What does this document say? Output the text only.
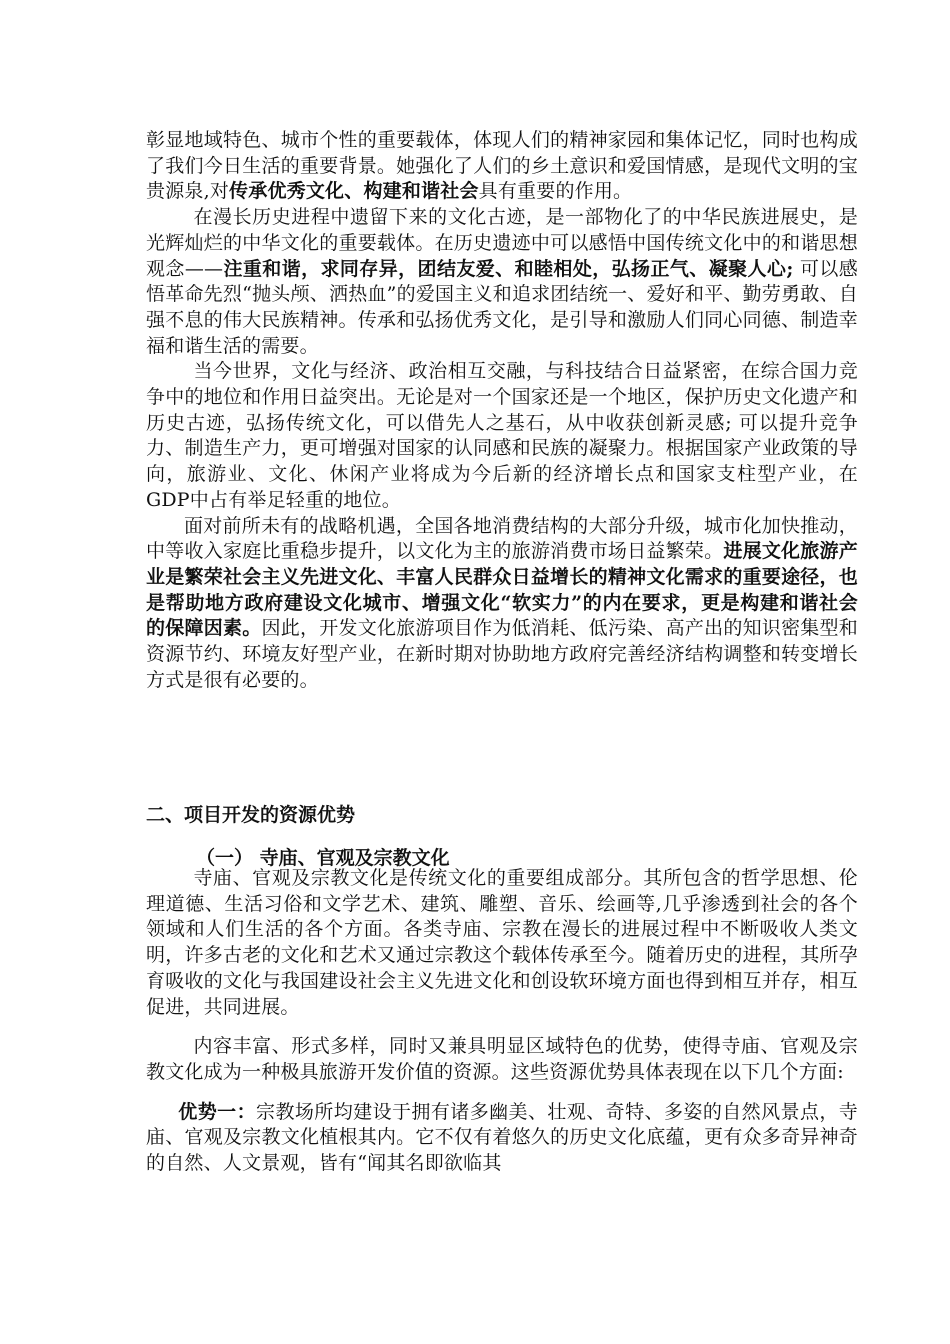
彰显地域特色、城市个性的重要载体，体现人们的精神家园和集体记忆，同时也构成了我们今日生活的重要背景。她强化了人们的乡土意识和爱国情感，是现代文明的宝贵源泉,对传承优秀文化、构建和谐社会具有重要的作用。

在漫长历史进程中遗留下来的文化古迹，是一部物化了的中华民族进展史，是光辉灿烂的中华文化的重要载体。在历史遗迹中可以感悟中国传统文化中的和谐思想观念——注重和谐，求同存异，团结友爱、和睦相处，弘扬正气、凝聚人心; 可以感悟革命先烈“抛头颅、洒热血”的爱国主义和追求团结统一、爱好和平、勤劳勇敢、自强不息的伟大民族精神。传承和弘扬优秀文化，是引导和激励人们同心同德、制造幸福和谐生活的需要。

当今世界，文化与经济、政治相互交融，与科技结合日益紧密，在综合国力竞争中的地位和作用日益突出。无论是对一个国家还是一个地区，保护历史文化遗产和历史古迹，弘扬传统文化，可以借先人之基石，从中收获创新灵感; 可以提升竞争力、制造生产力，更可增强对国家的认同感和民族的凝聚力。根据国家产业政策的导向，旅游业、文化、休闲产业将成为今后新的经济增长点和国家支柱型产业，在GDP中占有举足轻重的地位。

面对前所未有的战略机遇，全国各地消费结构的大部分升级，城市化加快推动，中等收入家庭比重稳步提升，以文化为主的旅游消费市场日益繁荣。进展文化旅游产业是繁荣社会主义先进文化、丰富人民群众日益增长的精神文化需求的重要途径，也是帮助地方政府建设文化城市、增强文化“软实力”的内在要求，更是构建和谐社会的保障因素。因此，开发文化旅游项目作为低消耗、低污染、高产出的知识密集型和资源节约、环境友好型产业，在新时期对协助地方政府完善经济结构调整和转变增长方式是很有必要的。

二、项目开发的资源优势
（一） 寺庙、官观及宗教文化

寺庙、官观及宗教文化是传统文化的重要组成部分。其所包含的哲学思想、伦理道德、生活习俗和文学艺术、建筑、雕塑、音乐、绘画等,几乎渗透到社会的各个领域和人们生活的各个方面。各类寺庙、宗教在漫长的进展过程中不断吸收人类文明，许多古老的文化和艺术又通过宗教这个载体传承至今。随着历史的进程，其所孕育吸收的文化与我国建设社会主义先进文化和创设软环境方面也得到相互并存，相互促进，共同进展。

内容丰富、形式多样，同时又兼具明显区域特色的优势，使得寺庙、官观及宗教文化成为一种极具旅游开发价值的资源。这些资源优势具体表现在以下几个方面:

优势一：宗教场所均建设于拥有诸多幽美、壮观、奇特、多姿的自然风景点，寺庙、官观及宗教文化植根其内。它不仅有着悠久的历史文化底蕴，更有众多奇异神奇的自然、人文景观，皆有“闻其名即欲临其
